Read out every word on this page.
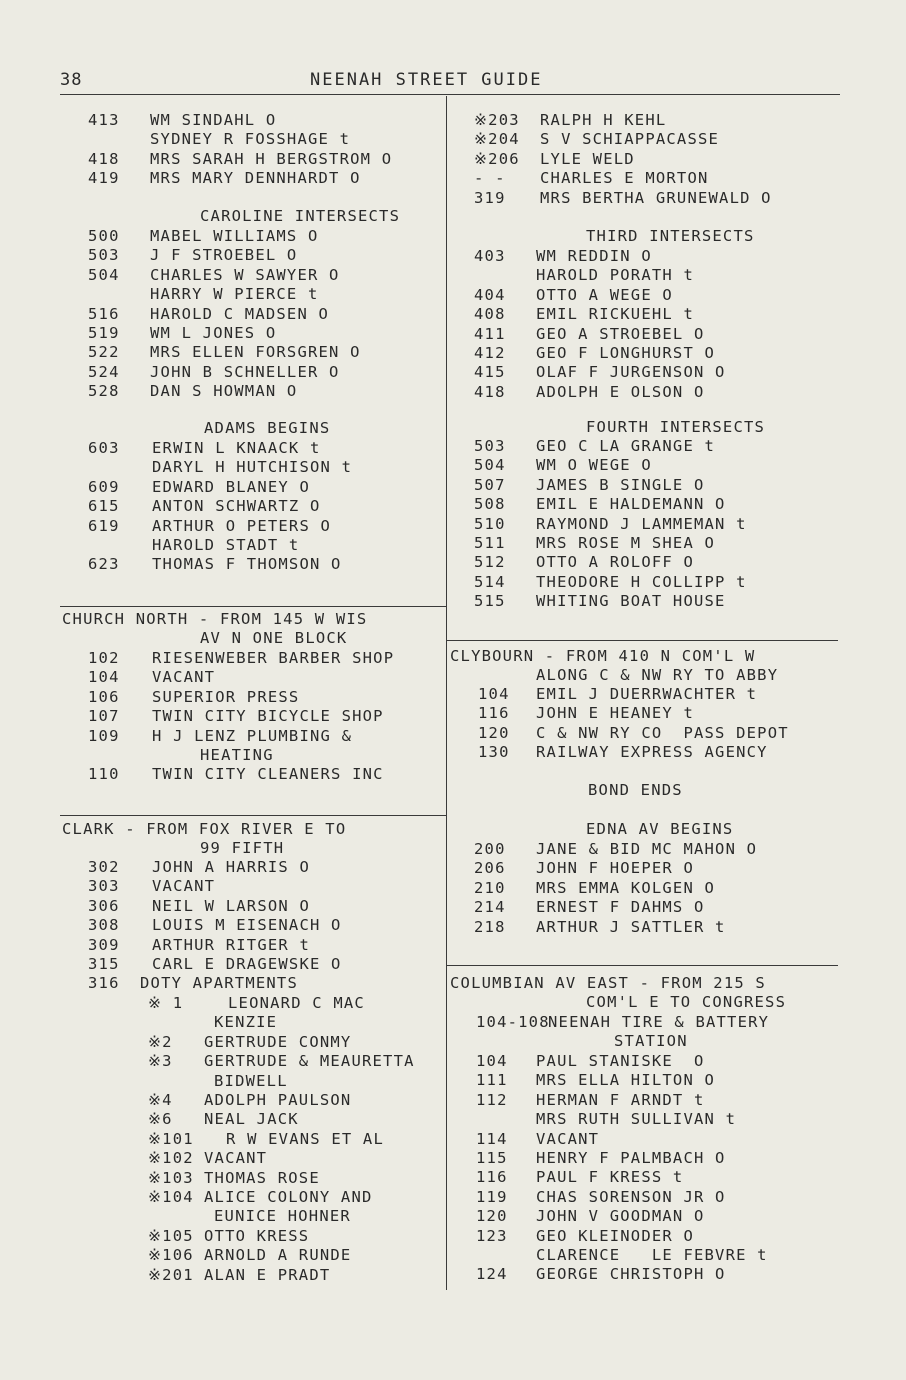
38	NEENAH STREET GUIDE
413 WM SINDAHL O
SYDNEY R FOSSHAGE t
418 MRS SARAH H BERGSTROM O
419 MRS MARY DENNHARDT O
CAROLINE INTERSECTS
500 MABEL WILLIAMS O
503 J F STROEBEL O
504 CHARLES W SAWYER O
HARRY W PIERCE t
516 HAROLD C MADSEN O
519 WM L JONES O
522 MRS ELLEN FORSGREN O
524 JOHN B SCHNELLER O
528 DAN S HOWMAN O
ADAMS BEGINS
603 ERWIN L KNAACK t
DARYL H HUTCHISON t
609 EDWARD BLANEY O
615 ANTON SCHWARTZ O
619 ARTHUR O PETERS O
HAROLD STADT t
623 THOMAS F THOMSON O
CHURCH NORTH - FROM 145 W WIS
AV N ONE BLOCK
102 RIESENWEBER BARBER SHOP
104 VACANT
106 SUPERIOR PRESS
107 TWIN CITY BICYCLE SHOP
109 H J LENZ PLUMBING &
HEATING
110 TWIN CITY CLEANERS INC
CLARK - FROM FOX RIVER E TO
99 FIFTH
302 JOHN A HARRIS O
303 VACANT
306 NEIL W LARSON O
308 LOUIS M EISENACH O
309 ARTHUR RITGER t
315 CARL E DRAGEWSKE O
316 DOTY APARTMENTS
※ 1	LEONARD C MAC
KENZIE
※2 GERTRUDE CONMY
※3 GERTRUDE & MEAURETTA
BIDWELL
※4 ADOLPH PAULSON
※6 NEAL JACK
※101 R W EVANS ET AL
※102 VACANT
※103 THOMAS ROSE
※104 ALICE COLONY AND
EUNICE HOHNER
※105 OTTO KRESS
※106 ARNOLD A RUNDE
※201 ALAN E PRADT
※203 RALPH H KEHL
※204 S V SCHIAPPACASSE
※206 LYLE WELD
- - CHARLES E MORTON
319 MRS BERTHA GRUNEWALD O
THIRD INTERSECTS
403 WM REDDIN O
HAROLD PORATH t
404 OTTO A WEGE O
408 EMIL RICKUEHL t
411 GEO A STROEBEL O
412 GEO F LONGHURST O
415 OLAF F JURGENSON O
418 ADOLPH E OLSON O
FOURTH INTERSECTS
503 GEO C LA GRANGE t
504 WM O WEGE O
507 JAMES B SINGLE O
508 EMIL E HALDEMANN O
510 RAYMOND J LAMMEMAN t
511 MRS ROSE M SHEA O
512 OTTO A ROLOFF O
514 THEODORE H COLLIPP t
515 WHITING BOAT HOUSE
CLYBOURN - FROM 410 N COM'L W
ALONG C & NW RY TO ABBY
104 EMIL J DUERRWACHTER t
116 JOHN E HEANEY t
120 C & NW RY CO  PASS DEPOT
130 RAILWAY EXPRESS AGENCY
BOND ENDS
EDNA AV BEGINS
200 JANE & BID MC MAHON O
206 JOHN F HOEPER O
210 MRS EMMA KOLGEN O
214 ERNEST F DAHMS O
218 ARTHUR J SATTLER t
COLUMBIAN AV EAST - FROM 215 S
COM'L E TO CONGRESS
104-108
NEENAH TIRE & BATTERY
STATION
104 PAUL STANISKE  O
111 MRS ELLA HILTON O
112 HERMAN F ARNDT t
MRS RUTH SULLIVAN t
114 VACANT
115 HENRY F PALMBACH O
116 PAUL F KRESS t
119 CHAS SORENSON JR O
120 JOHN V GOODMAN O
123 GEO KLEINODER O
CLARENCE   LE FEBVRE t
124 GEORGE CHRISTOPH O
